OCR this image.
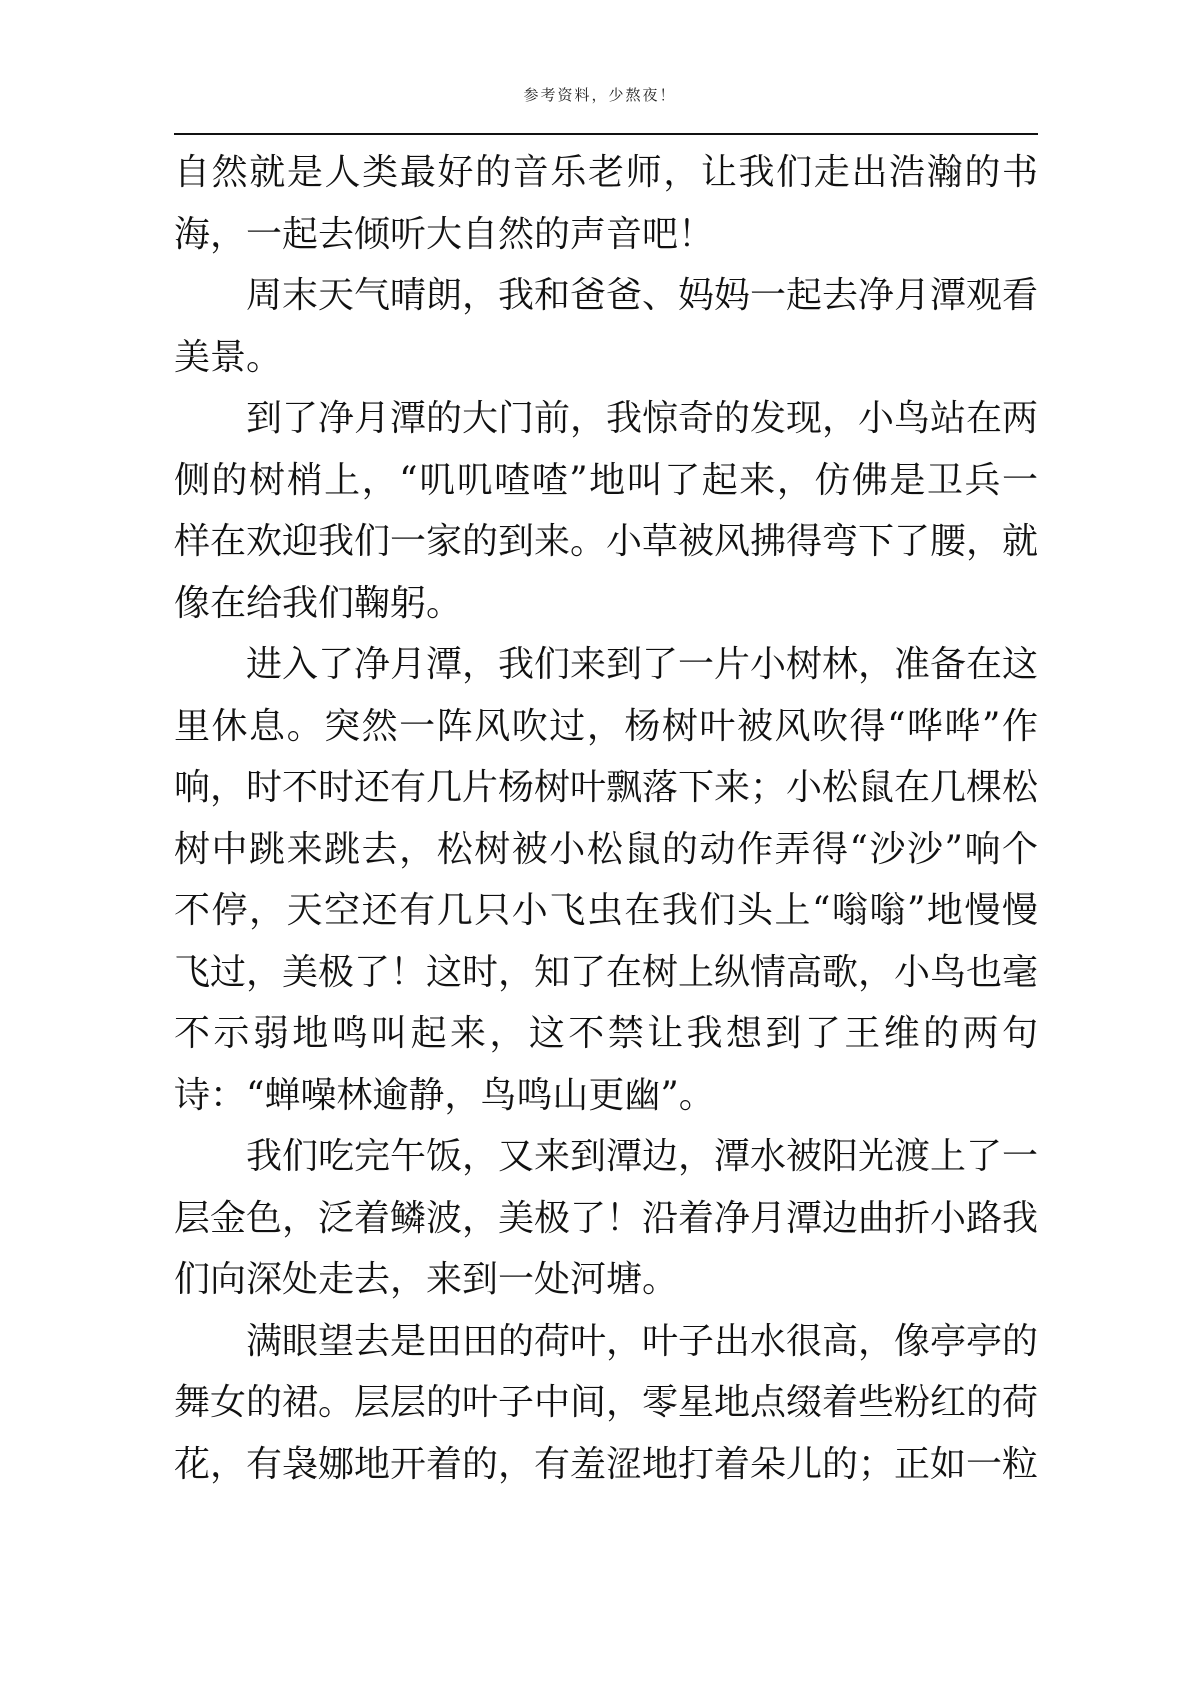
参考资料，少熬夜！

自然就是人类最好的音乐老师，让我们走出浩瀚的书海，一起去倾听大自然的声音吧！

周末天气晴朗，我和爸爸、妈妈一起去净月潭观看美景。

到了净月潭的大门前，我惊奇的发现，小鸟站在两侧的树梢上，“叽叽喳喳”地叫了起来，仿佛是卫兵一样在欢迎我们一家的到来。小草被风拂得弯下了腰，就像在给我们鞠躬。

进入了净月潭，我们来到了一片小树林，准备在这里休息。突然一阵风吹过，杨树叶被风吹得“哗哗”作响，时不时还有几片杨树叶飘落下来；小松鼠在几棵松树中跳来跳去，松树被小松鼠的动作弄得“沙沙”响个不停，天空还有几只小飞虫在我们头上“嗡嗡”地慢慢飞过，美极了！这时，知了在树上纵情高歌，小鸟也毫不示弱地鸣叫起来，这不禁让我想到了王维的两句诗：“蝉噪林逾静，鸟鸣山更幽”。

我们吃完午饭，又来到潭边，潭水被阳光渡上了一层金色，泛着鳞波，美极了！沿着净月潭边曲折小路我们向深处走去，来到一处河塘。

满眼望去是田田的荷叶，叶子出水很高，像亭亭的舞女的裙。层层的叶子中间，零星地点缀着些粉红的荷花，有袅娜地开着的，有羞涩地打着朵儿的；正如一粒
